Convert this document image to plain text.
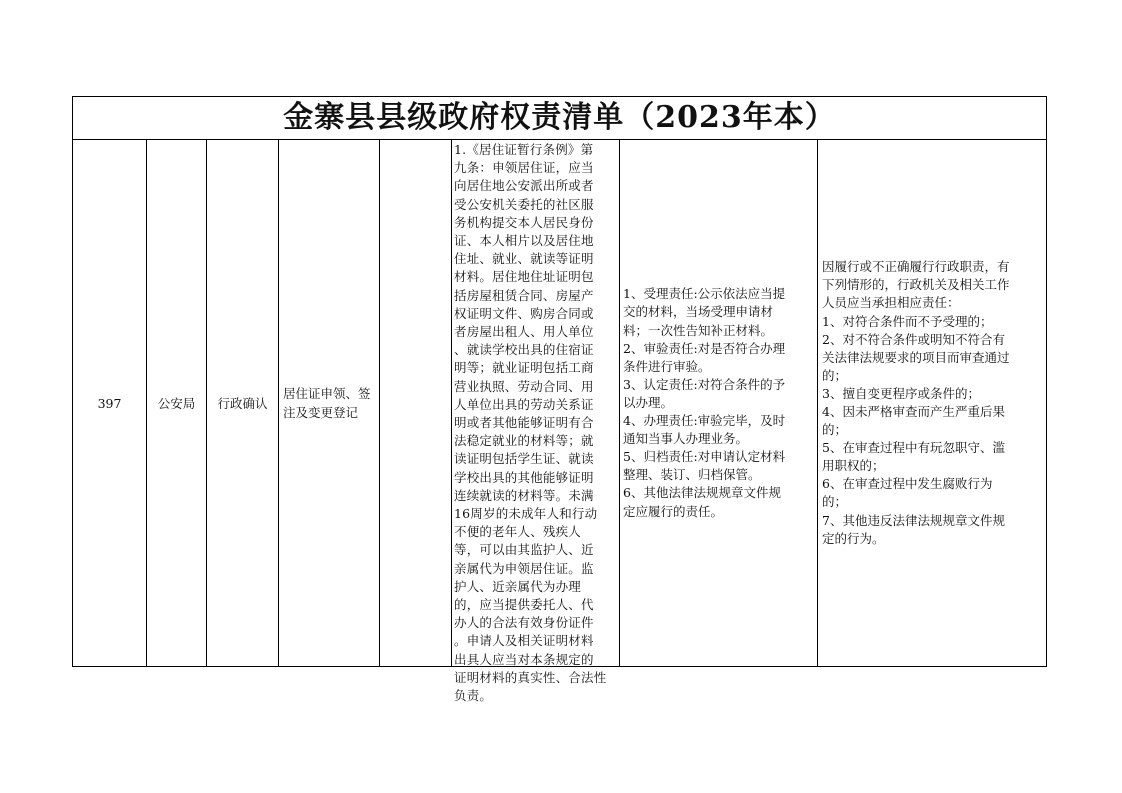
金寨县县级政府权责清单（2023年本）
397	公安局 行政确认
居住证申领、签注及变更登记
1.《居住证暂行条例》第
九条：申领居住证，应当
向居住地公安派出所或者
受公安机关委托的社区服
务机构提交本人居民身份
证、本人相片以及居住地
住址、就业、就读等证明
材料。居住地住址证明包
括房屋租赁合同、房屋产
权证明文件、购房合同或
者房屋出租人、用人单位
、就读学校出具的住宿证
明等；就业证明包括工商
营业执照、劳动合同、用
人单位出具的劳动关系证
明或者其他能够证明有合
法稳定就业的材料等；就
读证明包括学生证、就读
学校出具的其他能够证明
连续就读的材料等。未满
16周岁的未成年人和行动
不便的老年人、残疾人
等，可以由其监护人、近
亲属代为申领居住证。监
护人、近亲属代为办理
的，应当提供委托人、代
办人的合法有效身份证件
。申请人及相关证明材料
出具人应当对本条规定的
证明材料的真实性、合法性负责。
1、受理责任:公示依法应当提
交的材料，当场受理申请材
料；一次性告知补正材料。
2、审验责任:对是否符合办理
条件进行审验。
3、认定责任:对符合条件的予
以办理。
4、办理责任:审验完毕，及时
通知当事人办理业务。
5、归档责任:对申请认定材料
整理、装订、归档保管。
6、其他法律法规规章文件规
定应履行的责任。
因履行或不正确履行行政职责，有
下列情形的，行政机关及相关工作
人员应当承担相应责任：
1、对符合条件而不予受理的；
2、对不符合条件或明知不符合有
关法律法规要求的项目而审查通过
的；
3、擅自变更程序或条件的；
4、因未严格审查而产生严重后果
的；
5、在审查过程中有玩忽职守、滥
用职权的；
6、在审查过程中发生腐败行为
的；
7、其他违反法律法规规章文件规
定的行为。
